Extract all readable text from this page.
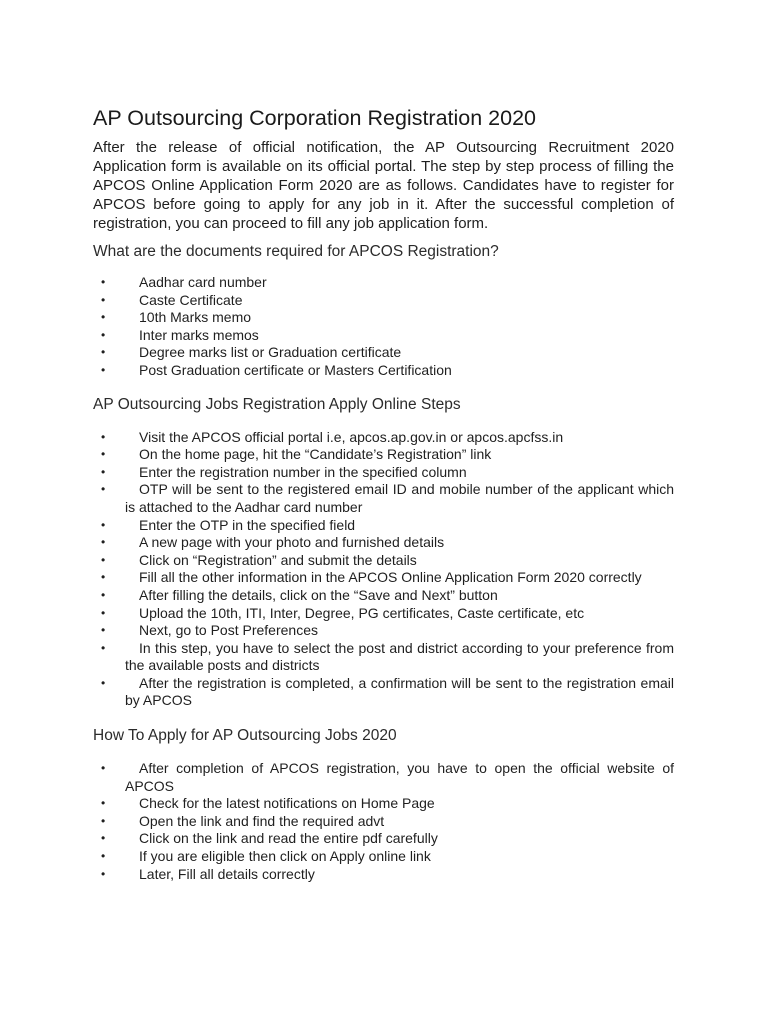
AP Outsourcing Corporation Registration 2020

After the release of official notification, the AP Outsourcing Recruitment 2020 Application form is available on its official portal. The step by step process of filling the APCOS Online Application Form 2020 are as follows. Candidates have to register for APCOS before going to apply for any job in it. After the successful completion of registration, you can proceed to fill any job application form.

What are the documents required for APCOS Registration?
•	Aadhar card number
•	Caste Certificate
•	10th Marks memo
•	Inter marks memos
•	Degree marks list or Graduation certificate
•	Post Graduation certificate or Masters Certification
AP Outsourcing Jobs Registration Apply Online Steps
•	Visit the APCOS official portal i.e, apcos.ap.gov.in or apcos.apcfss.in
•	On the home page, hit the “Candidate’s Registration” link
•	Enter the registration number in the specified column
•	OTP will be sent to the registered email ID and mobile number of the applicant which is attached to the Aadhar card number
•	Enter the OTP in the specified field
•	A new page with your photo and furnished details
•	Click on “Registration” and submit the details
•	Fill all the other information in the APCOS Online Application Form 2020 correctly
•	After filling the details, click on the “Save and Next” button
•	Upload the 10th, ITI, Inter, Degree, PG certificates, Caste certificate, etc
•	Next, go to Post Preferences
•	In this step, you have to select the post and district according to your preference from the available posts and districts
•	After the registration is completed, a confirmation will be sent to the registration email by APCOS
How To Apply for AP Outsourcing Jobs 2020
•	After completion of APCOS registration, you have to open the official website of APCOS
•	Check for the latest notifications on Home Page
•	Open the link and find the required advt
•	Click on the link and read the entire pdf carefully
•	If you are eligible then click on Apply online link
•	Later, Fill all details correctly
